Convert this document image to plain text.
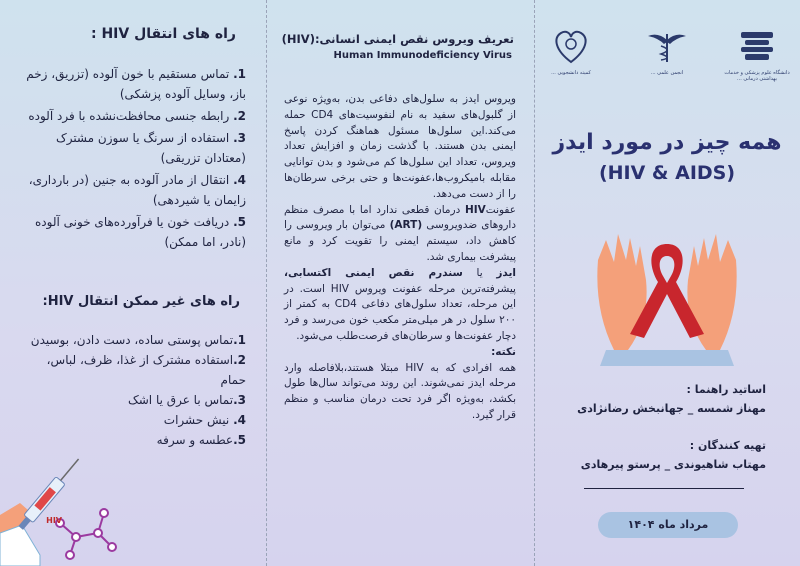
راه های انتقال HIV :
1. تماس مستقیم با خون آلوده (تزریق، زخم باز، وسایل آلوده پزشکی)
2. رابطه جنسی محافظت‌نشده با فرد آلوده
3. استفاده از سرنگ یا سوزن مشترک (معتادان تزریقی)
4. انتقال از مادر آلوده به جنین (در بارداری، زایمان یا شیردهی)
5. دریافت خون یا فرآورده‌های خونی آلوده (نادر، اما ممکن)
راه های غیر ممکن انتقال HIV:
1.تماس پوستی ساده، دست دادن، بوسیدن
2.استفاده مشترک از غذا، ظرف، لباس، حمام
3.تماس با عرق یا اشک
4. نیش حشرات
5.عطسه و سرفه
HIV
تعریف ویروس نقص ایمنی انسانی:(HIV)
Human Immunodeficiency Virus

ویروس ایدز به سلول‌های دفاعی بدن، به‌ویژه نوعی از گلبول‌های سفید به نام لنفوسیت‌های CD4 حمله می‌کند.این سلول‌ها مسئول هماهنگ کردن پاسخ ایمنی بدن هستند. با گذشت زمان و افزایش تعداد ویروس، تعداد این سلول‌ها کم می‌شود و بدن توانایی مقابله با‌میکروب‌ها،عفونت‌ها و حتی برخی سرطان‌ها را از دست می‌دهد.

عفونتHIV درمان قطعی ندارد اما با مصرف منظم داروهای ضدویروسی (ART) می‌توان بار ویروسی را کاهش داد، سیستم ایمنی را تقویت کرد و مانع پیشرفت بیماری شد.

ایدز یا سندرم نقص ایمنی اکتسابی، پیشرفته‌ترین مرحله عفونت ویروس HIV است. در این مرحله، تعداد سلول‌های دفاعی CD4 به کمتر از ۲۰۰ سلول در هر میلی‌متر مکعب خون می‌رسد و فرد دچار عفونت‌ها و سرطان‌های فرصت‌طلب می‌شود.

نکته:

همه افرادی که به HIV مبتلا هستند،بلافاصله وارد مرحله ایدز نمی‌شوند. این روند می‌تواند سال‌ها طول بکشد، به‌ویژه اگر فرد تحت درمان مناسب و منظم قرار گیرد.

کمیته دانشجویی ...	انجمن علمی ...	دانشگاه علوم پزشکی و خدمات بهداشتی درمانی ...
همه چیز در مورد ایدز
(HIV & AIDS)
اساتید راهنما :
مهناز شمسه _ جهانبخش رضانژادی
تهیه کنندگان :
مهتاب شاهیوندی _ پرستو پیرهادی
مرداد ماه ۱۴۰۴
